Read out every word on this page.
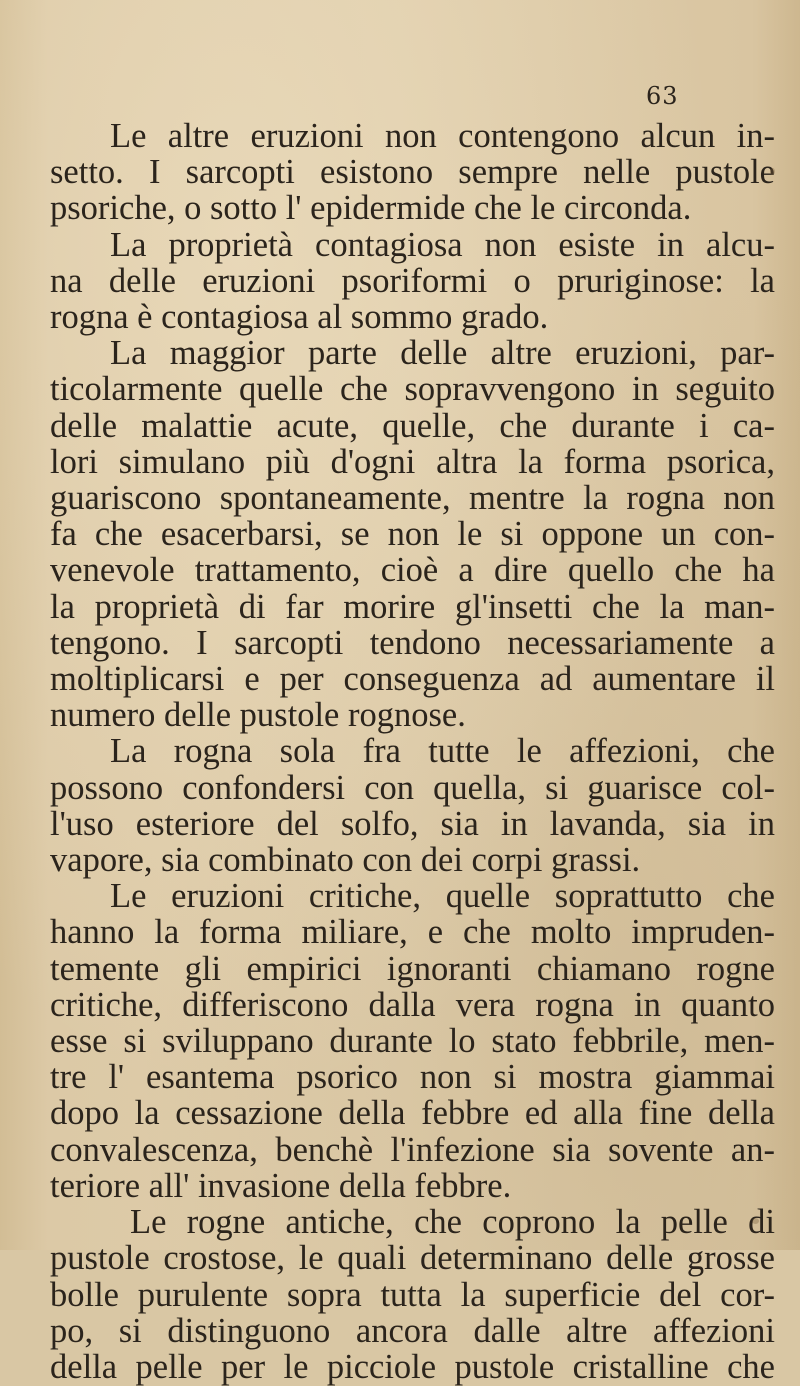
63
Le altre eruzioni non contengono alcun in-
setto. I sarcopti esistono sempre nelle pustole
psoriche, o sotto l' epidermide che le circonda.
La proprietà contagiosa non esiste in alcu-
na delle eruzioni psoriformi o pruriginose: la
rogna è contagiosa al sommo grado.
La maggior parte delle altre eruzioni, par-
ticolarmente quelle che sopravvengono in seguito
delle malattie acute, quelle, che durante i ca-
lori simulano più d'ogni altra la forma psorica,
guariscono spontaneamente, mentre la rogna non
fa che esacerbarsi, se non le si oppone un con-
venevole trattamento, cioè a dire quello che ha
la proprietà di far morire gl'insetti che la man-
tengono. I sarcopti tendono necessariamente a
moltiplicarsi e per conseguenza ad aumentare il
numero delle pustole rognose.
La rogna sola fra tutte le affezioni, che
possono confondersi con quella, si guarisce col-
l'uso esteriore del solfo, sia in lavanda, sia in
vapore, sia combinato con dei corpi grassi.
Le eruzioni critiche, quelle soprattutto che
hanno la forma miliare, e che molto impruden-
temente gli empirici ignoranti chiamano rogne
critiche, differiscono dalla vera rogna in quanto
esse si sviluppano durante lo stato febbrile, men-
tre l' esantema psorico non si mostra giammai
dopo la cessazione della febbre ed alla fine della
convalescenza, benchè l'infezione sia sovente an-
teriore all' invasione della febbre.
Le rogne antiche, che coprono la pelle di
pustole crostose, le quali determinano delle grosse
bolle purulente sopra tutta la superficie del cor-
po, si distinguono ancora dalle altre affezioni
della pelle per le picciole pustole cristalline che
